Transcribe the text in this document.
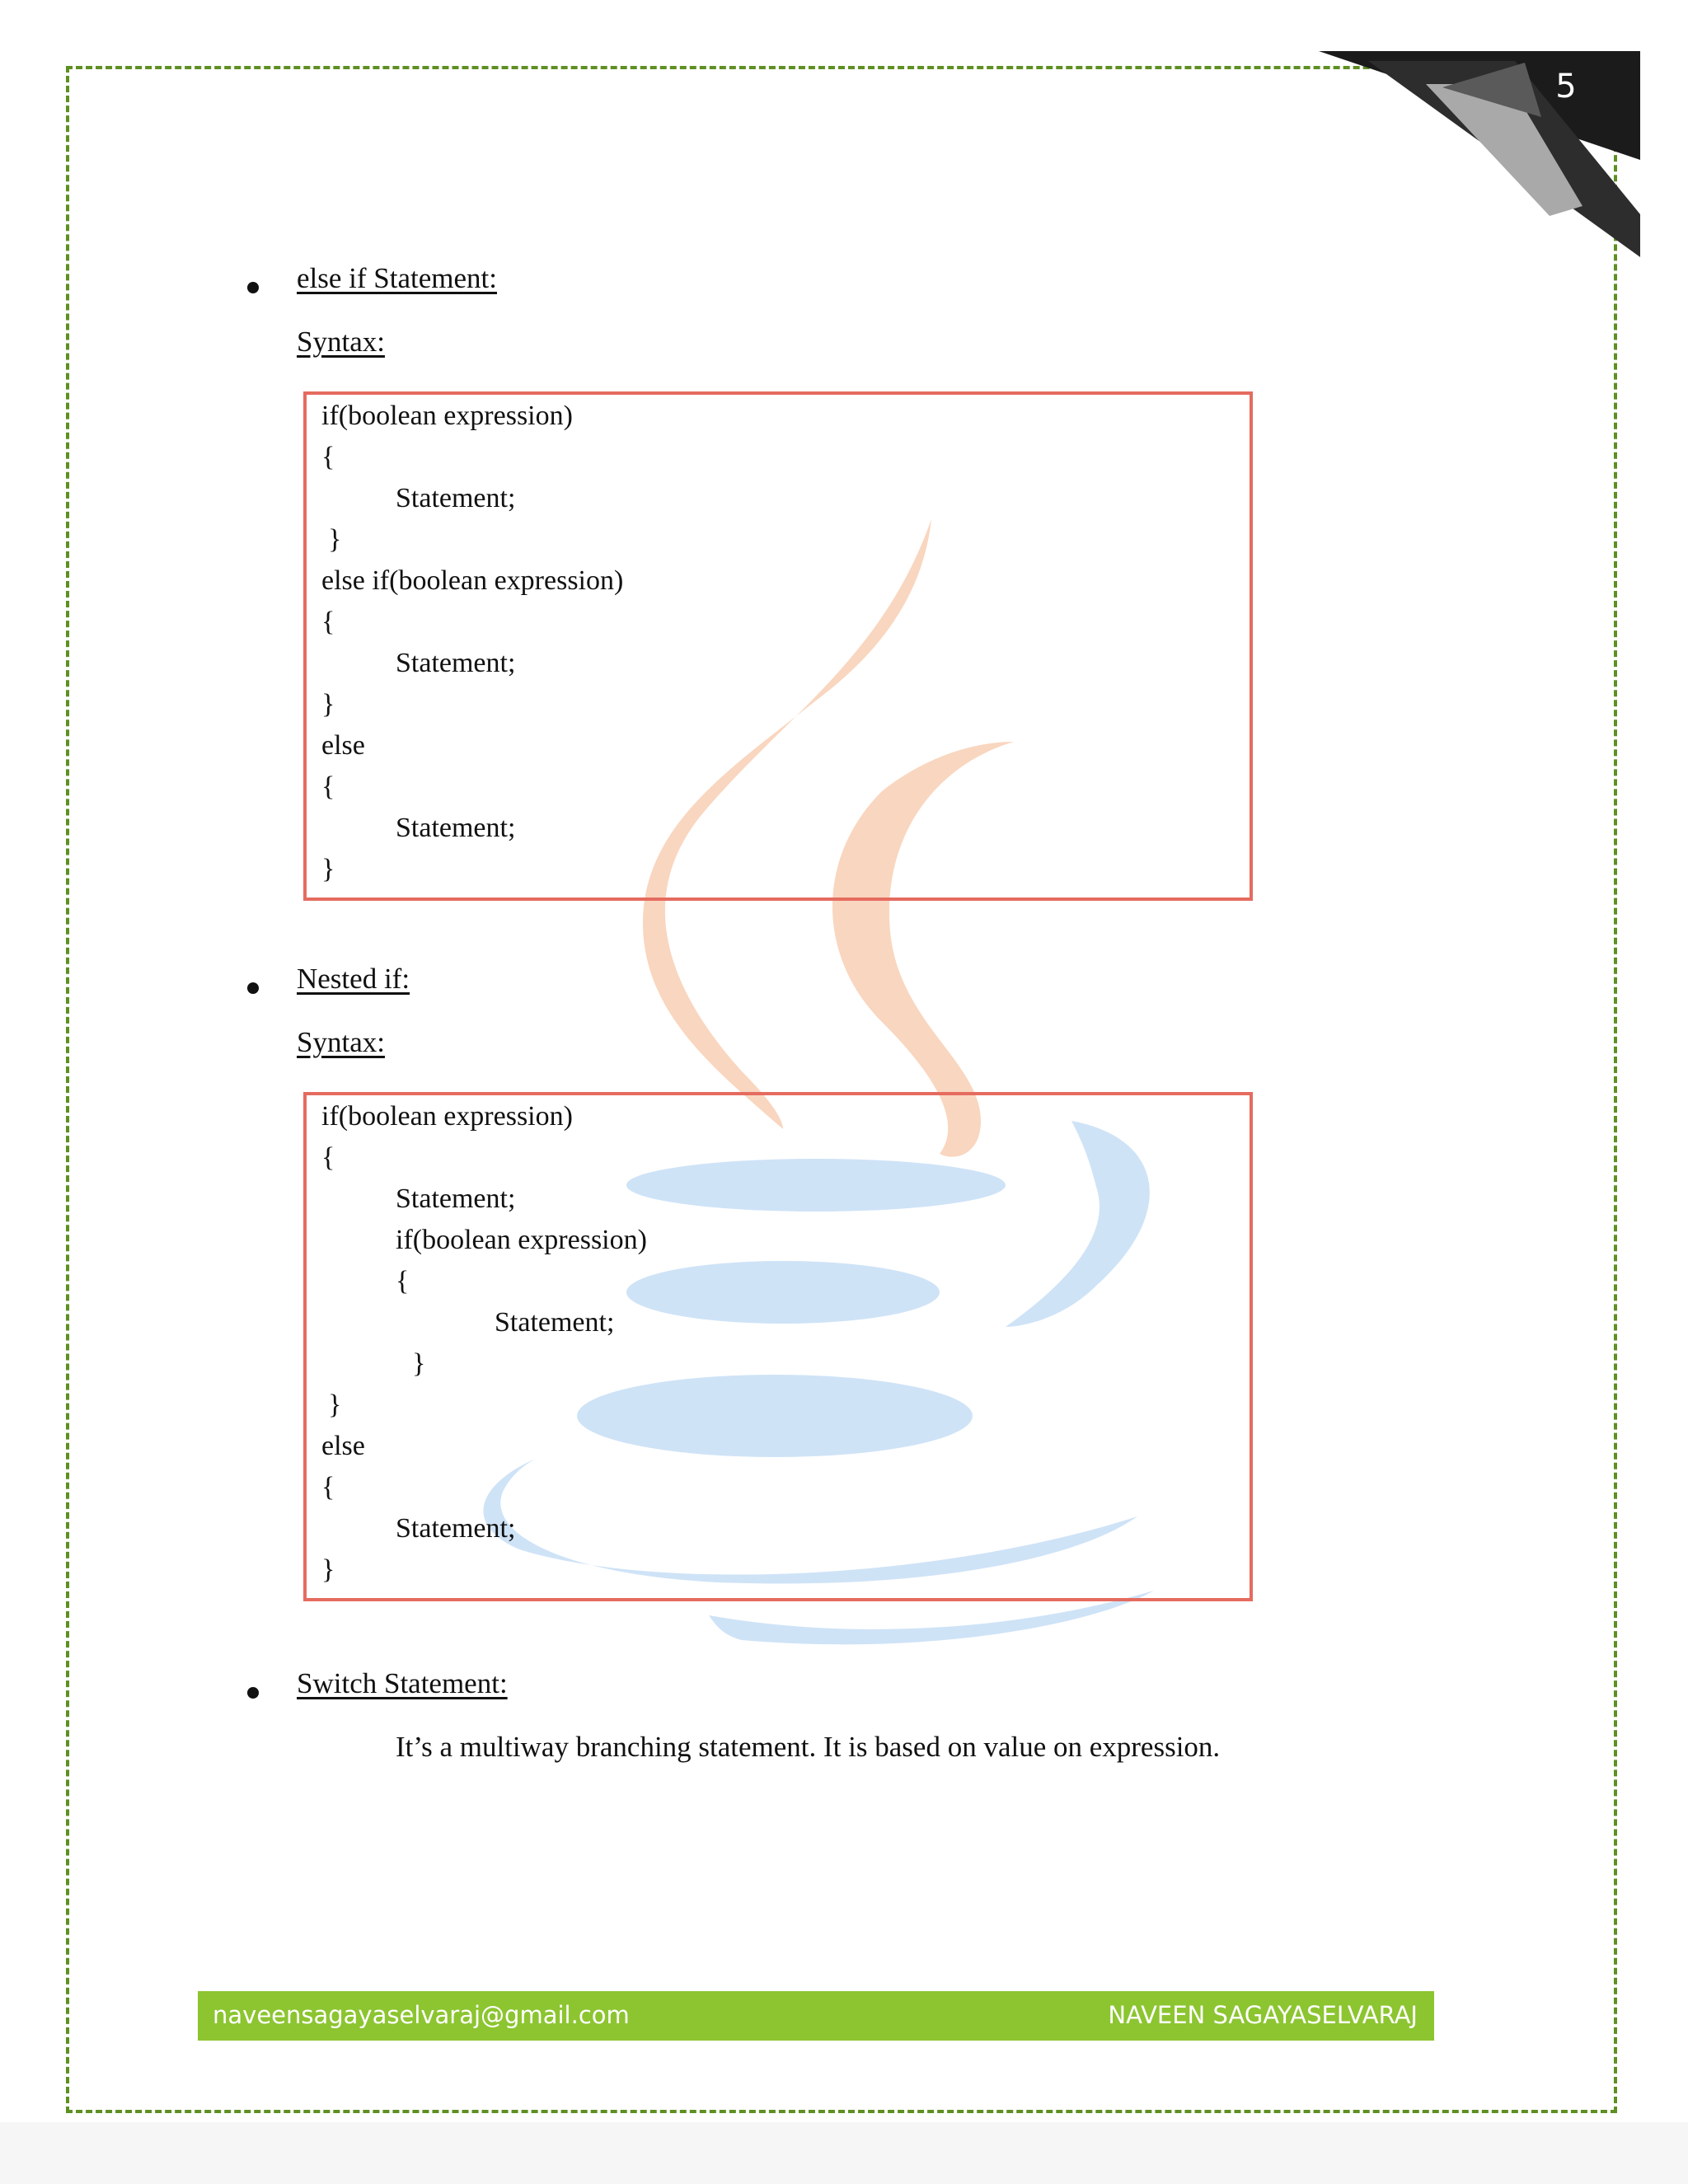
5
else if Statement:
Syntax:
if(boolean expression)
{
Statement;
}
else if(boolean expression)
{
Statement;
}
else
{
Statement;
}
Nested if:
Syntax:
if(boolean expression)
{
Statement;
if(boolean expression)
{
Statement;
}
}
else
{
Statement;
}
Switch Statement:
It’s a multiway branching statement. It is based on value on expression.
naveensagayaselvaraj@gmail.com	NAVEEN SAGAYASELVARAJ
